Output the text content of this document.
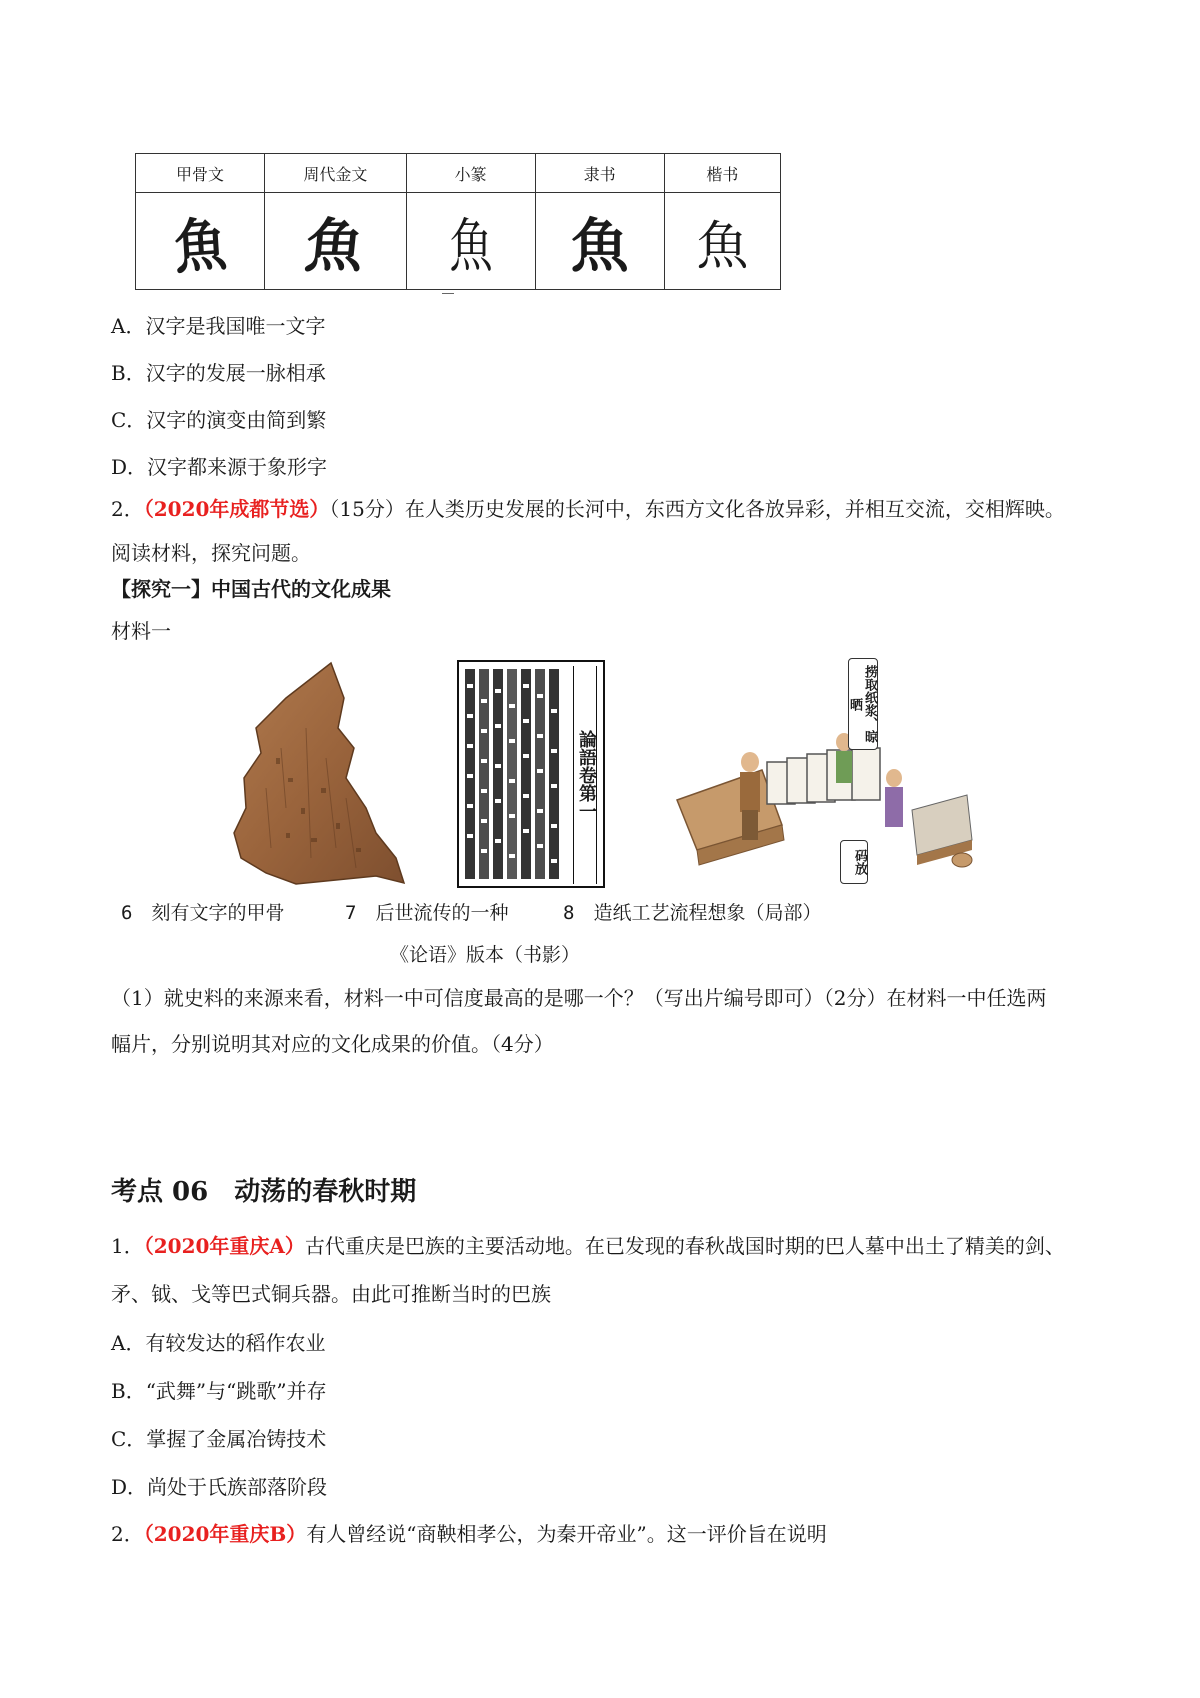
甲骨文	周代金文	小篆	隶书	楷书
魚	魚	魚	魚	魚
A．汉字是我国唯一文字
B．汉字的发展一脉相承
C．汉字的演变由简到繁
D．汉字都来源于象形字
2．（2020年成都节选）（15分）在人类历史发展的长河中，东西方文化各放异彩，并相互交流，交相辉映。
阅读材料，探究问题。
【探究一】中国古代的文化成果
材料一
論語卷第一
捞取纸浆、晾晒
码放
6　刻有文字的甲骨	7　后世流传的一种	8　造纸工艺流程想象（局部）
《论语》版本（书影）
（1）就史料的来源来看，材料一中可信度最高的是哪一个？（写出片编号即可）（2分）在材料一中任选两
幅片，分别说明其对应的文化成果的价值。（4分）
考点 06　动荡的春秋时期
1．（2020年重庆A）古代重庆是巴族的主要活动地。在已发现的春秋战国时期的巴人墓中出土了精美的剑、
矛、钺、戈等巴式铜兵器。由此可推断当时的巴族
A．有较发达的稻作农业
B．“武舞”与“跳歌”并存
C．掌握了金属冶铸技术
D．尚处于氏族部落阶段
2．（2020年重庆B）有人曾经说“商鞅相孝公，为秦开帝业”。这一评价旨在说明
